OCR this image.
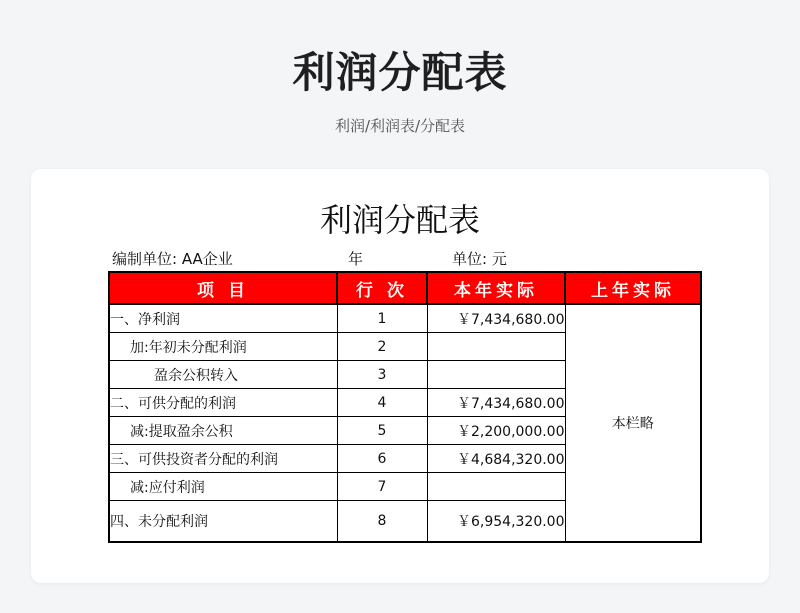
利润分配表
利润/利润表/分配表
利润分配表
编制单位: AA企业	年	单位: 元
项 目	行 次	本年实际	上年实际
一、净利润	1	￥7,434,680.00	本栏略
加:年初未分配利润	2		
盈余公积转入	3		
二、可供分配的利润	4	￥7,434,680.00	
减:提取盈余公积	5	￥2,200,000.00	
三、可供投资者分配的利润	6	￥4,684,320.00	
减:应付利润	7		
四、未分配利润	8	￥6,954,320.00	
